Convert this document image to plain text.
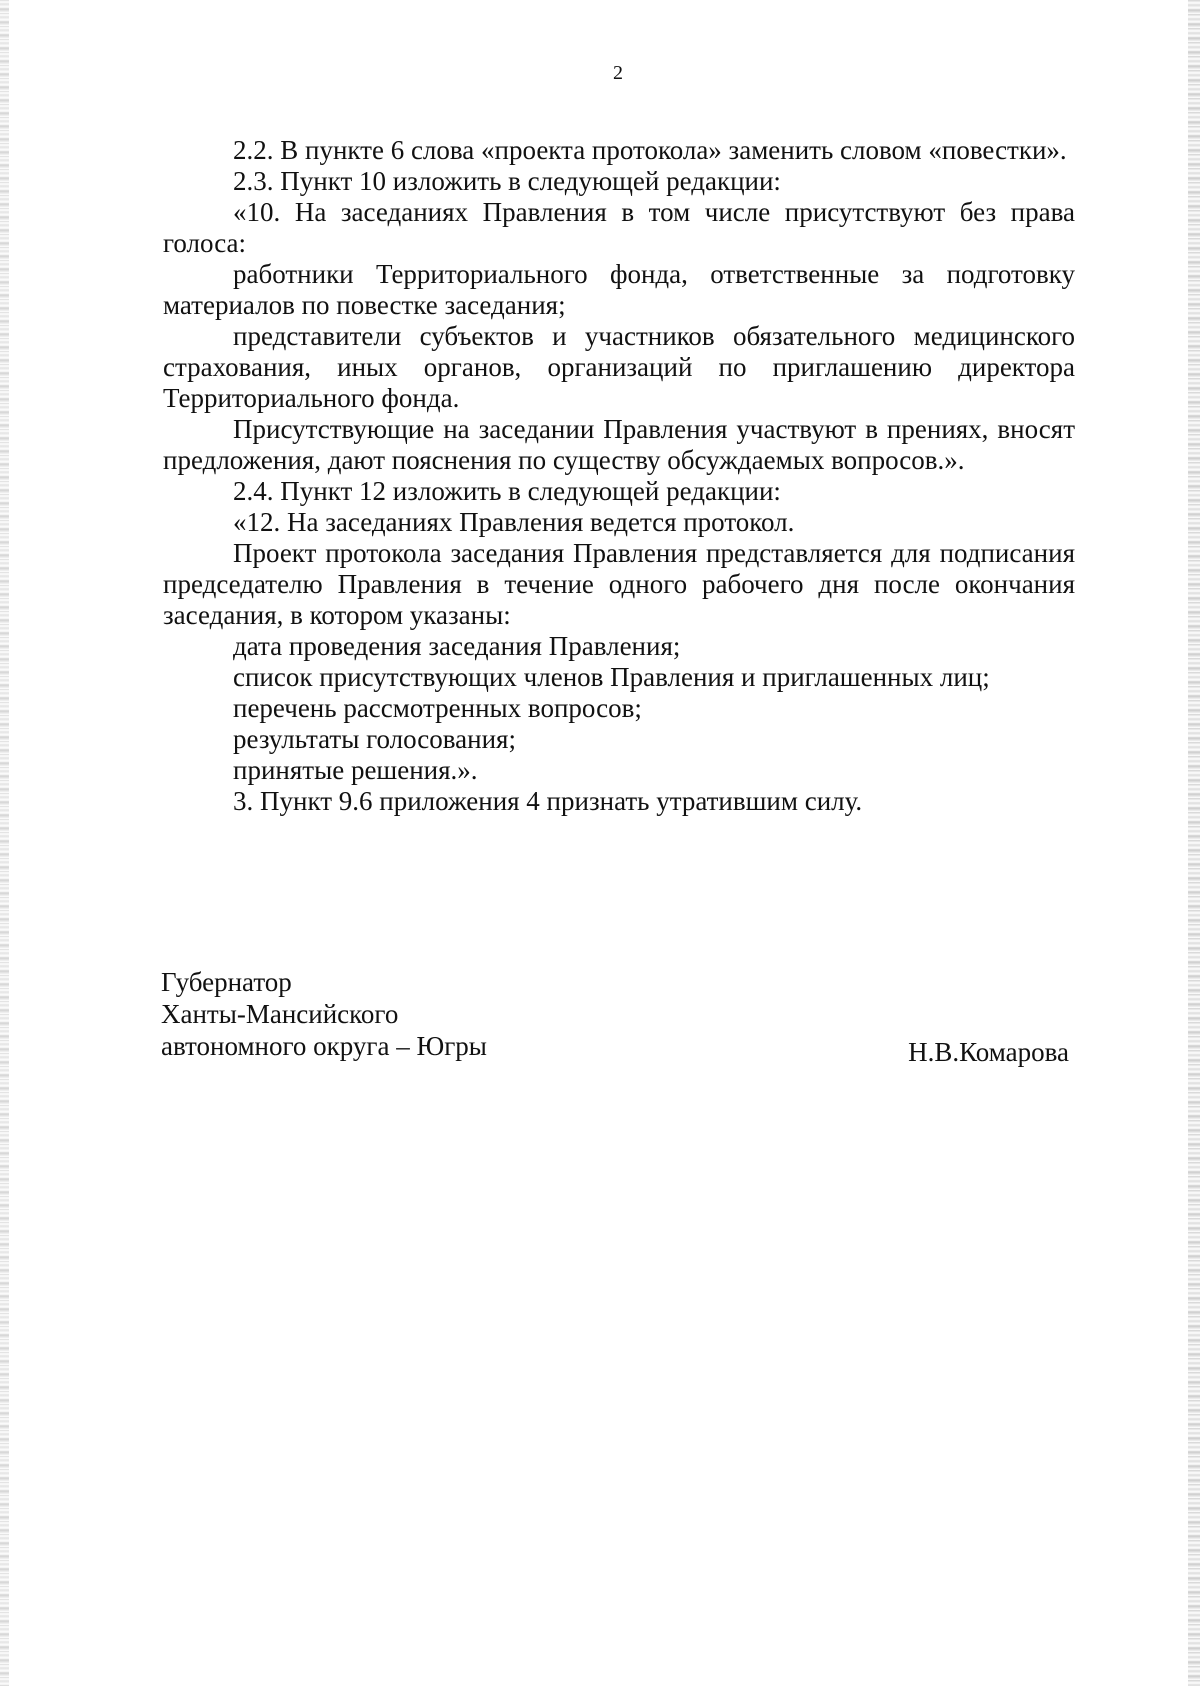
2

2.2. В пункте 6 слова «проекта протокола» заменить словом «повестки».

2.3. Пункт 10 изложить в следующей редакции:

«10. На заседаниях Правления в том числе присутствуют без права голоса:

работники Территориального фонда, ответственные за подготовку материалов по повестке заседания;

представители субъектов и участников обязательного медицинского страхования, иных органов, организаций по приглашению директора Территориального фонда.

Присутствующие на заседании Правления участвуют в прениях, вносят предложения, дают пояснения по существу обсуждаемых вопросов.».

2.4. Пункт 12 изложить в следующей редакции:

«12. На заседаниях Правления ведется протокол.

Проект протокола заседания Правления представляется для подписания председателю Правления в течение одного рабочего дня после окончания заседания, в котором указаны:

дата проведения заседания Правления;

список присутствующих членов Правления и приглашенных лиц;

перечень рассмотренных вопросов;

результаты голосования;

принятые решения.».

3. Пункт 9.6 приложения 4 признать утратившим силу.

Губернатор
Ханты-Мансийского
автономного округа – Югры	Н.В.Комарова
